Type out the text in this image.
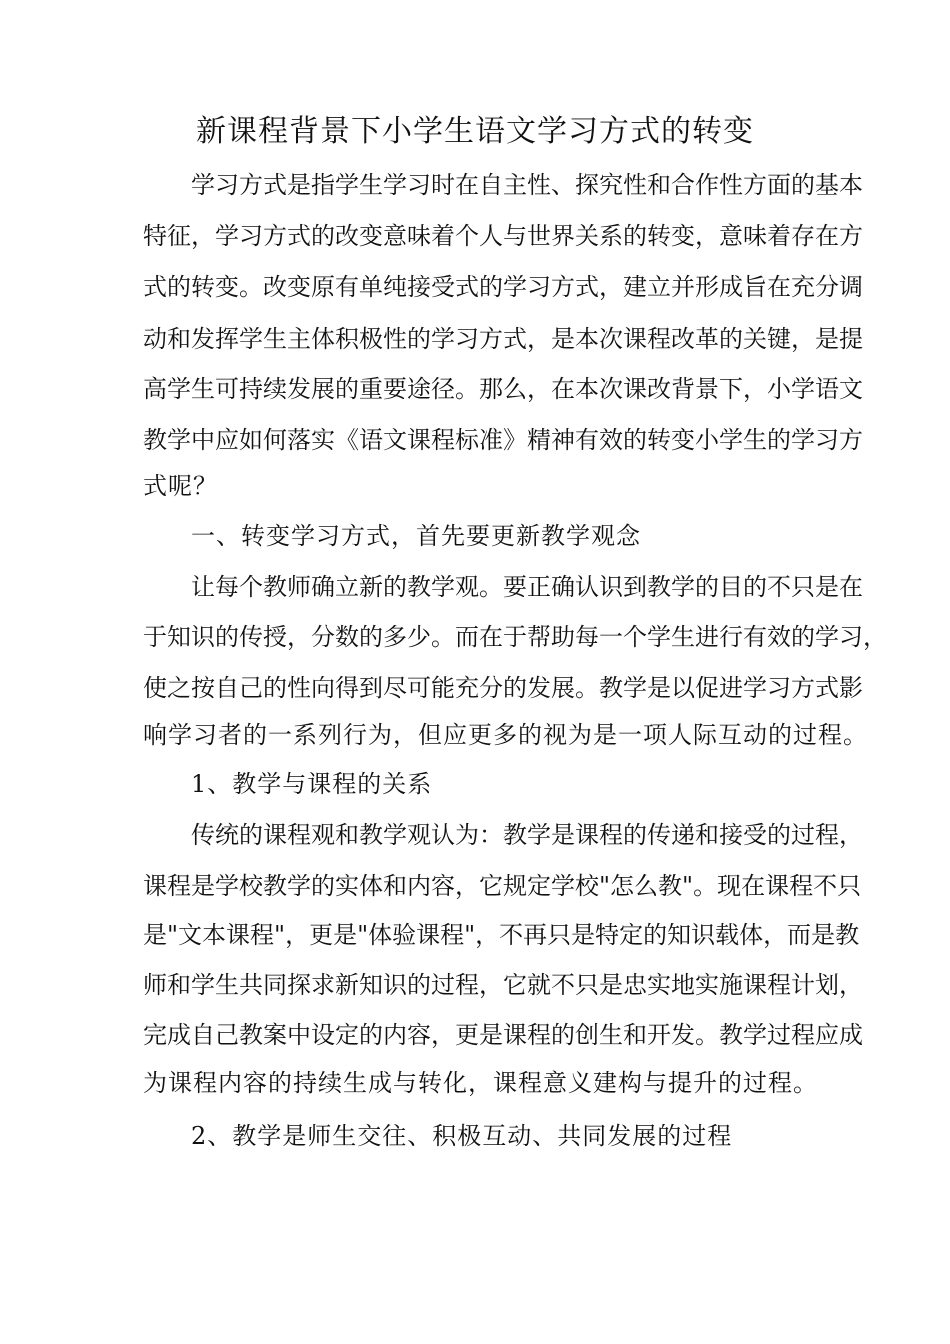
新课程背景下小学生语文学习方式的转变
学习方式是指学生学习时在自主性、探究性和合作性方面的基本
特征，学习方式的改变意味着个人与世界关系的转变，意味着存在方
式的转变。改变原有单纯接受式的学习方式，建立并形成旨在充分调
动和发挥学生主体积极性的学习方式，是本次课程改革的关键，是提
高学生可持续发展的重要途径。那么，在本次课改背景下，小学语文
教学中应如何落实《语文课程标准》精神有效的转变小学生的学习方
式呢？
一、转变学习方式，首先要更新教学观念
让每个教师确立新的教学观。要正确认识到教学的目的不只是在
于知识的传授，分数的多少。而在于帮助每一个学生进行有效的学习，
使之按自己的性向得到尽可能充分的发展。教学是以促进学习方式影
响学习者的一系列行为，但应更多的视为是一项人际互动的过程。
1、教学与课程的关系
传统的课程观和教学观认为：教学是课程的传递和接受的过程，
课程是学校教学的实体和内容，它规定学校"怎么教"。现在课程不只
是"文本课程"，更是"体验课程"，不再只是特定的知识载体，而是教
师和学生共同探求新知识的过程，它就不只是忠实地实施课程计划，
完成自己教案中设定的内容，更是课程的创生和开发。教学过程应成
为课程内容的持续生成与转化，课程意义建构与提升的过程。
2、教学是师生交往、积极互动、共同发展的过程
